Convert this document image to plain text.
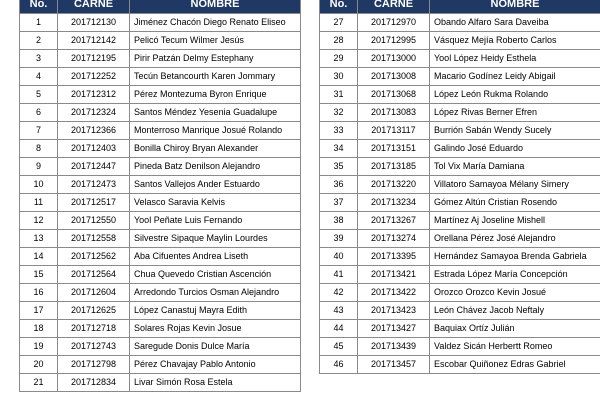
No.	CARNE	NOMBRE
1	201712130	Jiménez Chacón Diego Renato Eliseo
2	201712142	Pelicó Tecum Wilmer Jesús
3	201712195	Pirir Patzán Delmy Estephany
4	201712252	Tecún Betancourth Karen Jommary
5	201712312	Pérez Montezuma Byron Enrique
6	201712324	Santos Méndez Yesenia Guadalupe
7	201712366	Monterroso Manrique Josué Rolando
8	201712403	Bonilla Chiroy Bryan Alexander
9	201712447	Pineda Batz Denilson Alejandro
10	201712473	Santos Vallejos Ander Estuardo
11	201712517	Velasco Saravia Kelvis
12	201712550	Yool Peñate Luis Fernando
13	201712558	Silvestre Sipaque Maylin Lourdes
14	201712562	Aba Cifuentes Andrea Liseth
15	201712564	Chua Quevedo Cristian Ascención
16	201712604	Arredondo Turcios Osman Alejandro
17	201712625	López Canastuj Mayra Edith
18	201712718	Solares Rojas Kevin Josue
19	201712743	Saregude Donis Dulce María
20	201712798	Pérez Chavajay Pablo Antonio
21	201712834	Livar Simón Rosa Estela
No.	CARNE	NOMBRE
27	201712970	Obando Alfaro Sara Daveiba
28	201712995	Vásquez Mejía Roberto Carlos
29	201713000	Yool López Heidy Esthela
30	201713008	Macario Godínez Leidy Abigail
31	201713068	López León Rukma Rolando
32	201713083	López Rivas Berner Efren
33	201713117	Burrión Sabán Wendy Sucely
34	201713151	Galindo José Eduardo
35	201713185	Tol Vix María Damiana
36	201713220	Villatoro Samayoa Mélany Simery
37	201713234	Gómez Altún Cristian Rosendo
38	201713267	Martínez Aj Joseline Mishell
39	201713274	Orellana Pérez José Alejandro
40	201713395	Hernández Samayoa Brenda Gabriela
41	201713421	Estrada López María Concepción
42	201713422	Orozco Orozco Kevin Josué
43	201713423	León Chávez Jacob Neftaly
44	201713427	Baquiax Ortíz Julián
45	201713439	Valdez Sicán Herbertt Romeo
46	201713457	Escobar Quiñonez Edras Gabriel
